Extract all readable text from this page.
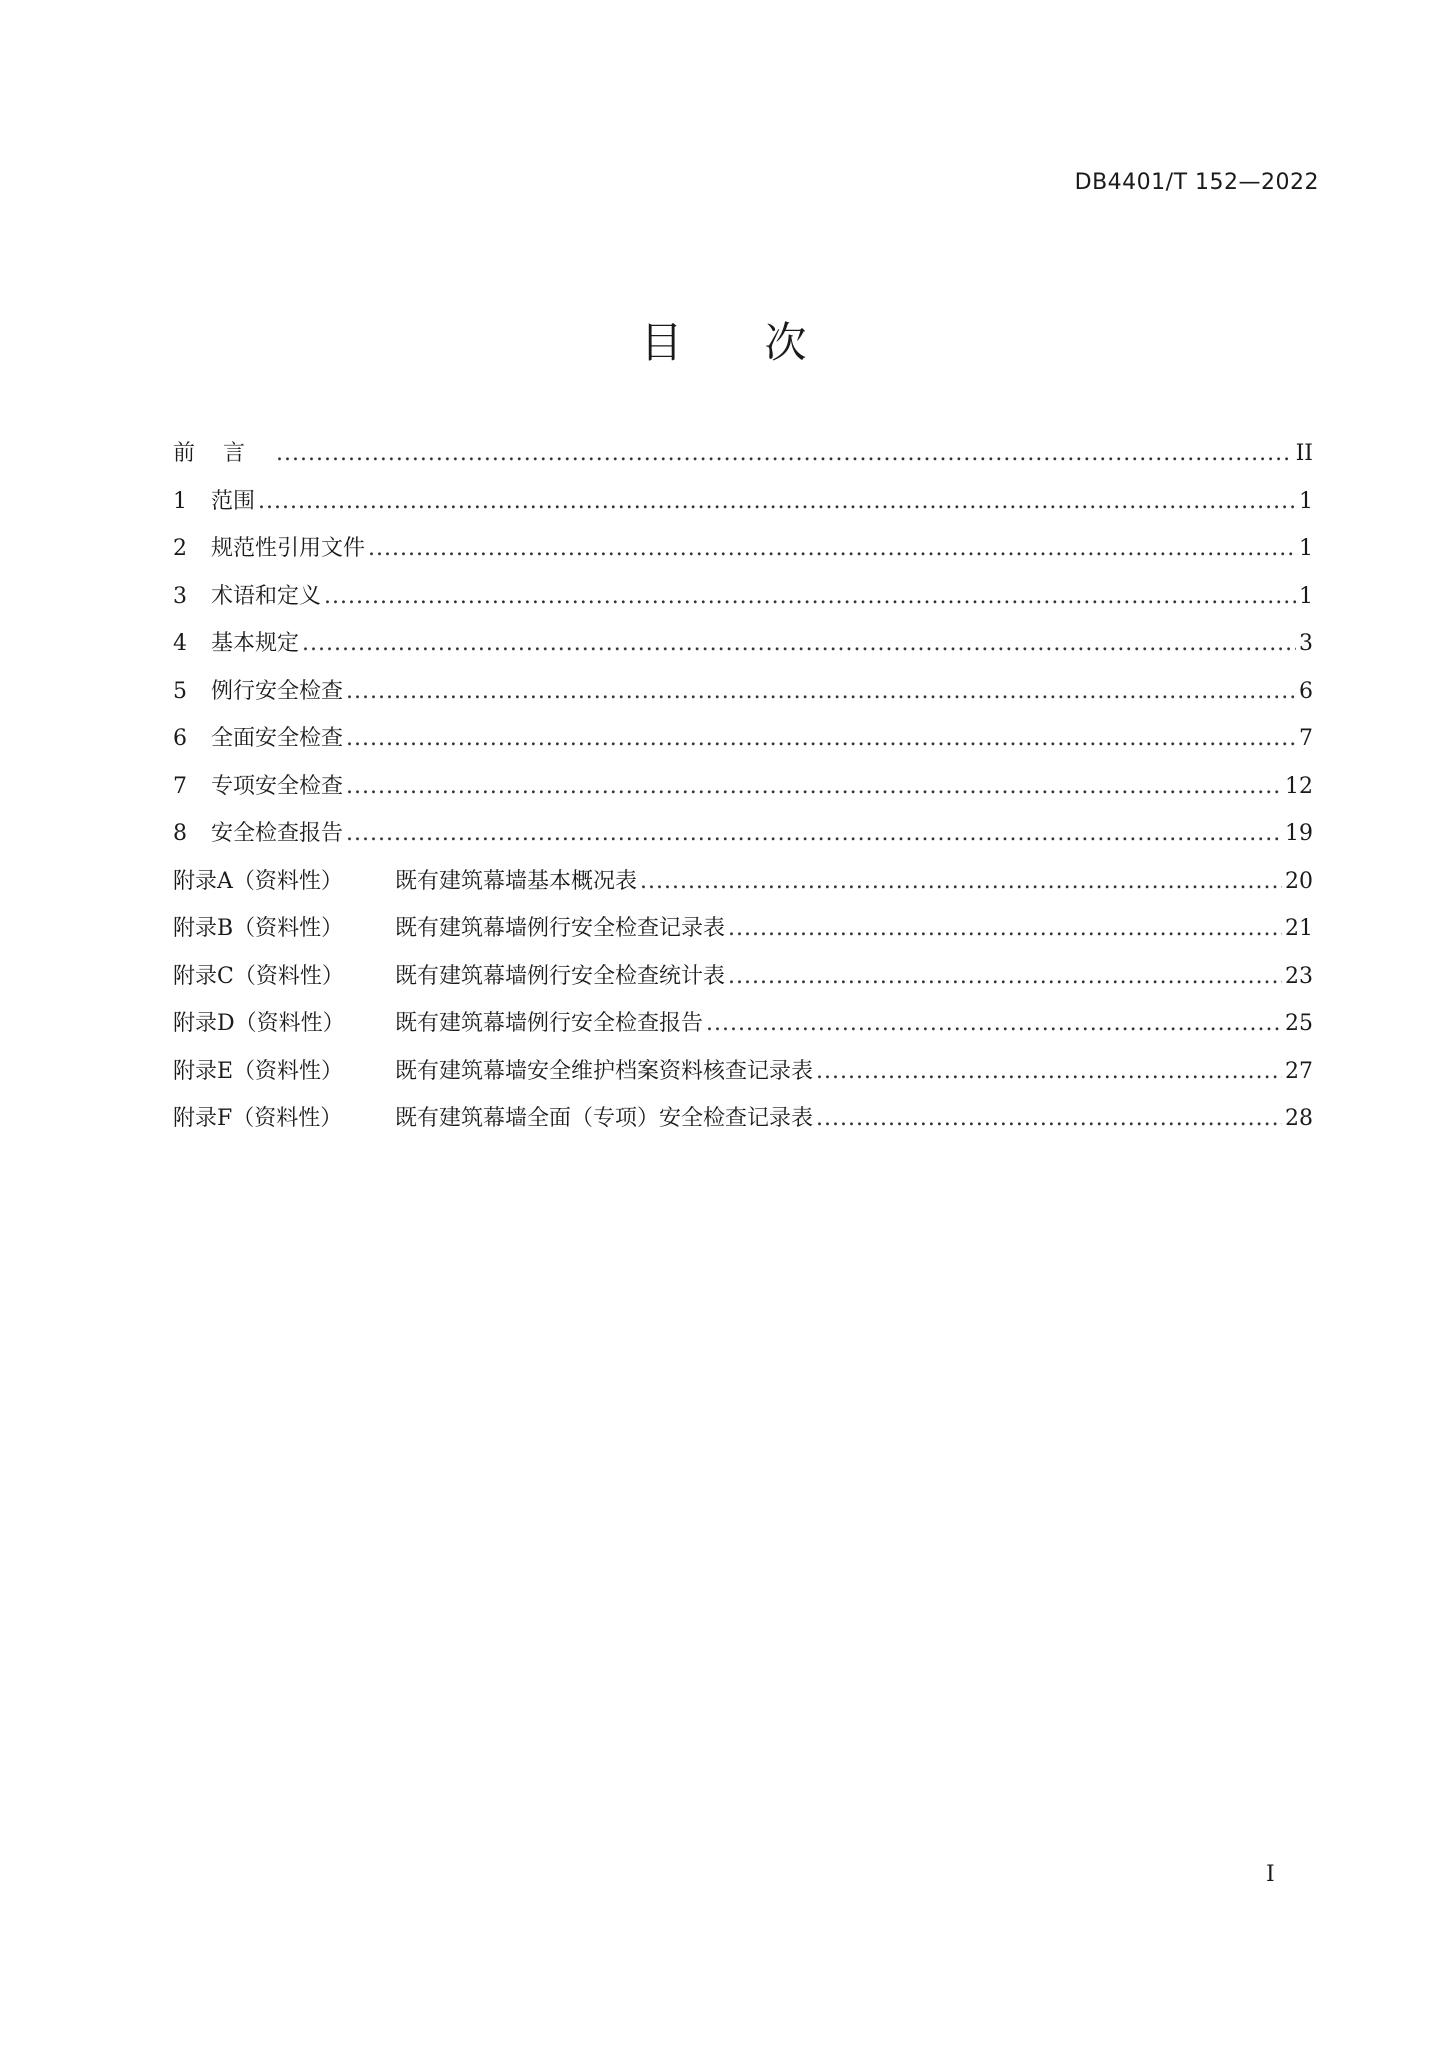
DB4401/T 152—2022
目次
前言 .....	II
1	范围 .....	1
2	规范性引用文件 .....	1
3	术语和定义 .....	1
4	基本规定 .....	3
5	例行安全检查 .....	6
6	全面安全检查 .....	7
7	专项安全检查 .....	12
8	安全检查报告 .....	19
附录A（资料性）	既有建筑幕墙基本概况表 .....	20
附录B（资料性）	既有建筑幕墙例行安全检查记录表 .....	21
附录C（资料性）	既有建筑幕墙例行安全检查统计表 .....	23
附录D（资料性）	既有建筑幕墙例行安全检查报告 .....	25
附录E（资料性）	既有建筑幕墙安全维护档案资料核查记录表 .....	27
附录F（资料性）	既有建筑幕墙全面（专项）安全检查记录表 .....	28
I
